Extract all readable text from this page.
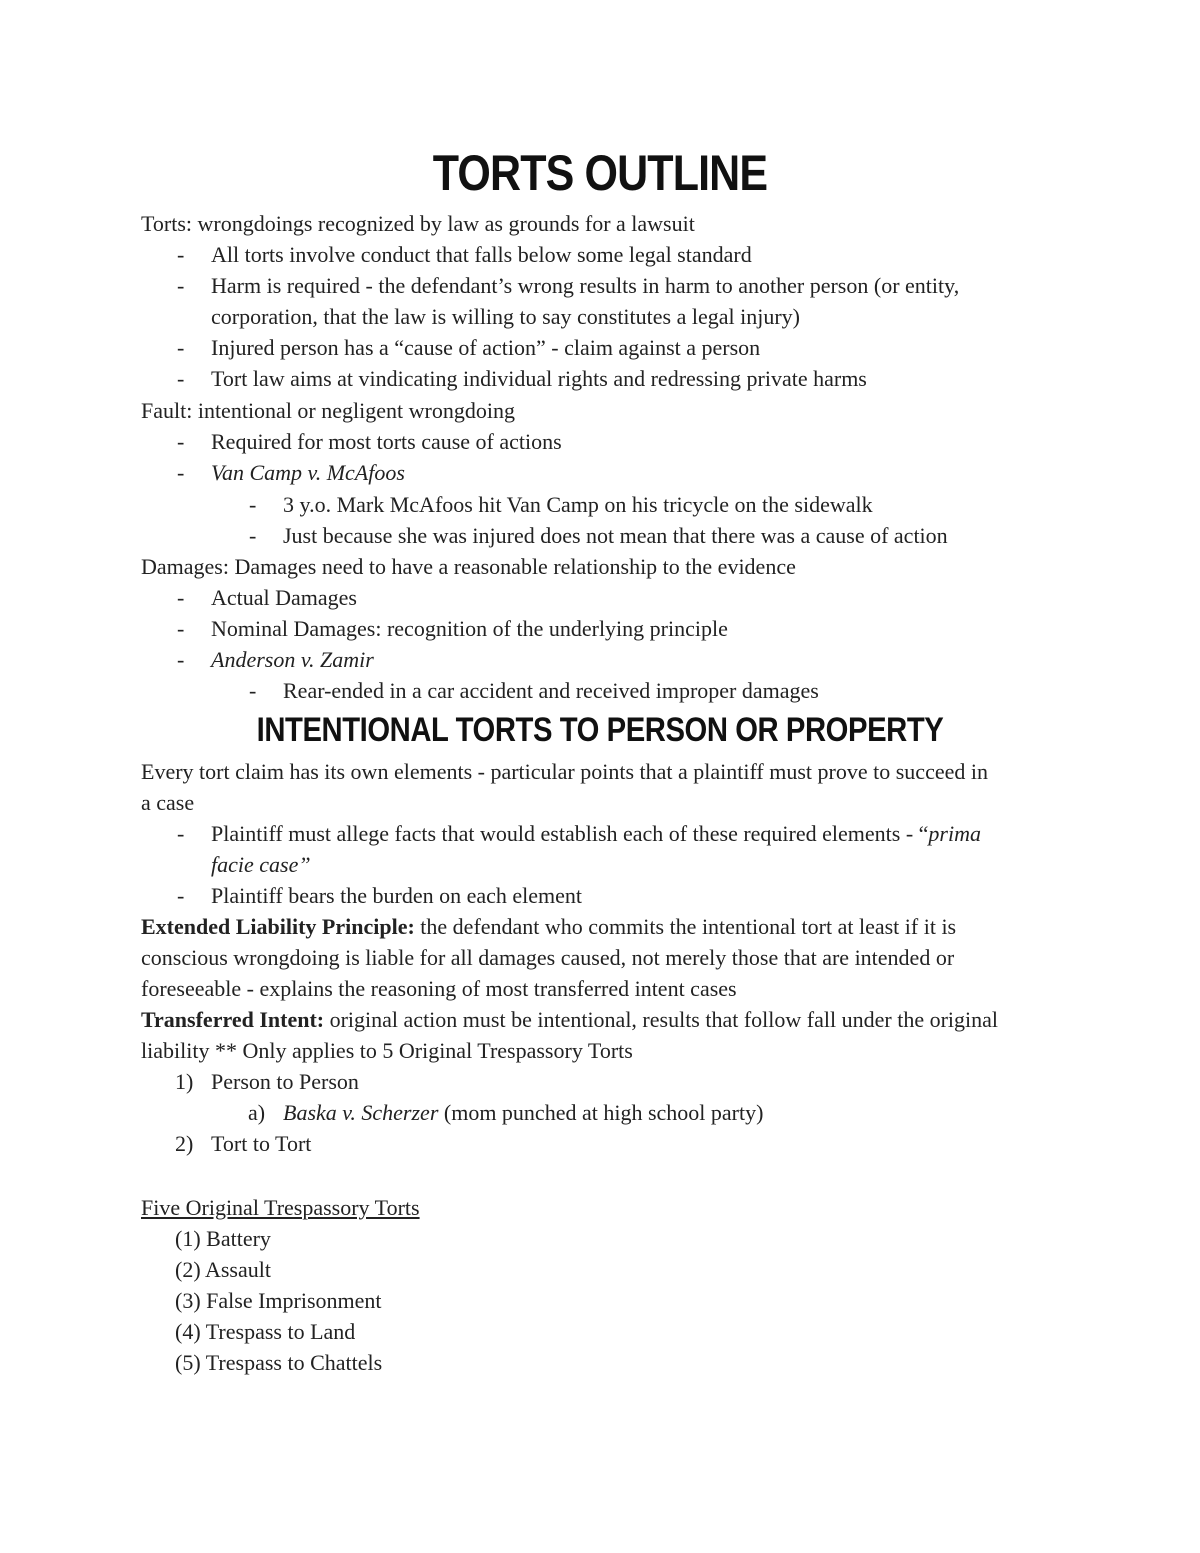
TORTS OUTLINE
Torts: wrongdoings recognized by law as grounds for a lawsuit
- All torts involve conduct that falls below some legal standard
- Harm is required - the defendant’s wrong results in harm to another person (or entity,
corporation, that the law is willing to say constitutes a legal injury)
- Injured person has a “cause of action” - claim against a person
- Tort law aims at vindicating individual rights and redressing private harms
Fault: intentional or negligent wrongdoing
- Required for most torts cause of actions
- Van Camp v. McAfoos
- 3 y.o. Mark McAfoos hit Van Camp on his tricycle on the sidewalk
- Just because she was injured does not mean that there was a cause of action
Damages: Damages need to have a reasonable relationship to the evidence
- Actual Damages
- Nominal Damages: recognition of the underlying principle
- Anderson v. Zamir
- Rear-ended in a car accident and received improper damages
INTENTIONAL TORTS TO PERSON OR PROPERTY
Every tort claim has its own elements - particular points that a plaintiff must prove to succeed in
a case
- Plaintiff must allege facts that would establish each of these required elements - “prima
facie case”
- Plaintiff bears the burden on each element
Extended Liability Principle: the defendant who commits the intentional tort at least if it is
conscious wrongdoing is liable for all damages caused, not merely those that are intended or
foreseeable - explains the reasoning of most transferred intent cases
Transferred Intent: original action must be intentional, results that follow fall under the original
liability ** Only applies to 5 Original Trespassory Torts
1) Person to Person
a) Baska v. Scherzer (mom punched at high school party)
2) Tort to Tort
Five Original Trespassory Torts
(1) Battery
(2) Assault
(3) False Imprisonment
(4) Trespass to Land
(5) Trespass to Chattels
